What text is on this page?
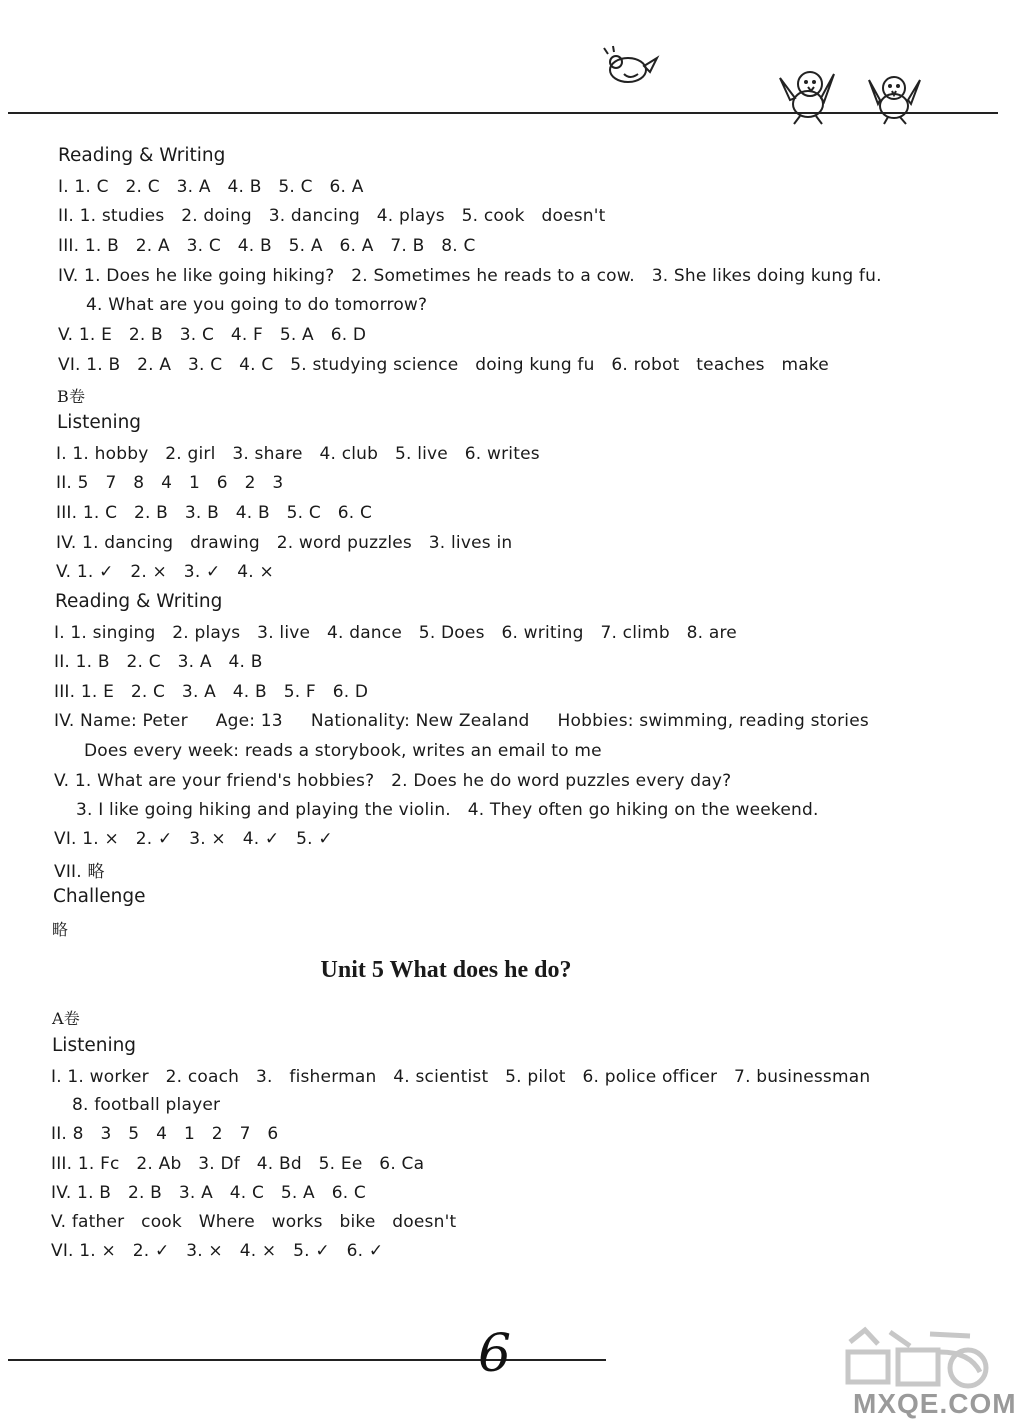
Reading & Writing
I. 1. C   2. C   3. A   4. B   5. C   6. A
II. 1. studies   2. doing   3. dancing   4. plays   5. cook   doesn't
III. 1. B   2. A   3. C   4. B   5. A   6. A   7. B   8. C
IV. 1. Does he like going hiking?   2. Sometimes he reads to a cow.   3. She likes doing kung fu.
4. What are you going to do tomorrow?
V. 1. E   2. B   3. C   4. F   5. A   6. D
VI. 1. B   2. A   3. C   4. C   5. studying science   doing kung fu   6. robot   teaches   make
B卷
Listening
I. 1. hobby   2. girl   3. share   4. club   5. live   6. writes
II. 5   7   8   4   1   6   2   3
III. 1. C   2. B   3. B   4. B   5. C   6. C
IV. 1. dancing   drawing   2. word puzzles   3. lives in
V. 1. ✓   2. ×   3. ✓   4. ×
Reading & Writing
I. 1. singing   2. plays   3. live   4. dance   5. Does   6. writing   7. climb   8. are
II. 1. B   2. C   3. A   4. B
III. 1. E   2. C   3. A   4. B   5. F   6. D
IV. Name: Peter     Age: 13     Nationality: New Zealand     Hobbies: swimming, reading stories
Does every week: reads a storybook, writes an email to me
V. 1. What are your friend's hobbies?   2. Does he do word puzzles every day?
3. I like going hiking and playing the violin.   4. They often go hiking on the weekend.
VI. 1. ×   2. ✓   3. ×   4. ✓   5. ✓
VII. 略
Challenge
略
Unit 5 What does he do?
A卷
Listening
I. 1. worker   2. coach   3.   fisherman   4. scientist   5. pilot   6. police officer   7. businessman
8. football player
II. 8   3   5   4   1   2   7   6
III. 1. Fc   2. Ab   3. Df   4. Bd   5. Ee   6. Ca
IV. 1. B   2. B   3. A   4. C   5. A   6. C
V. father   cook   Where   works   bike   doesn't
VI. 1. ×   2. ✓   3. ×   4. ×   5. ✓   6. ✓
6
MXQE.COM
